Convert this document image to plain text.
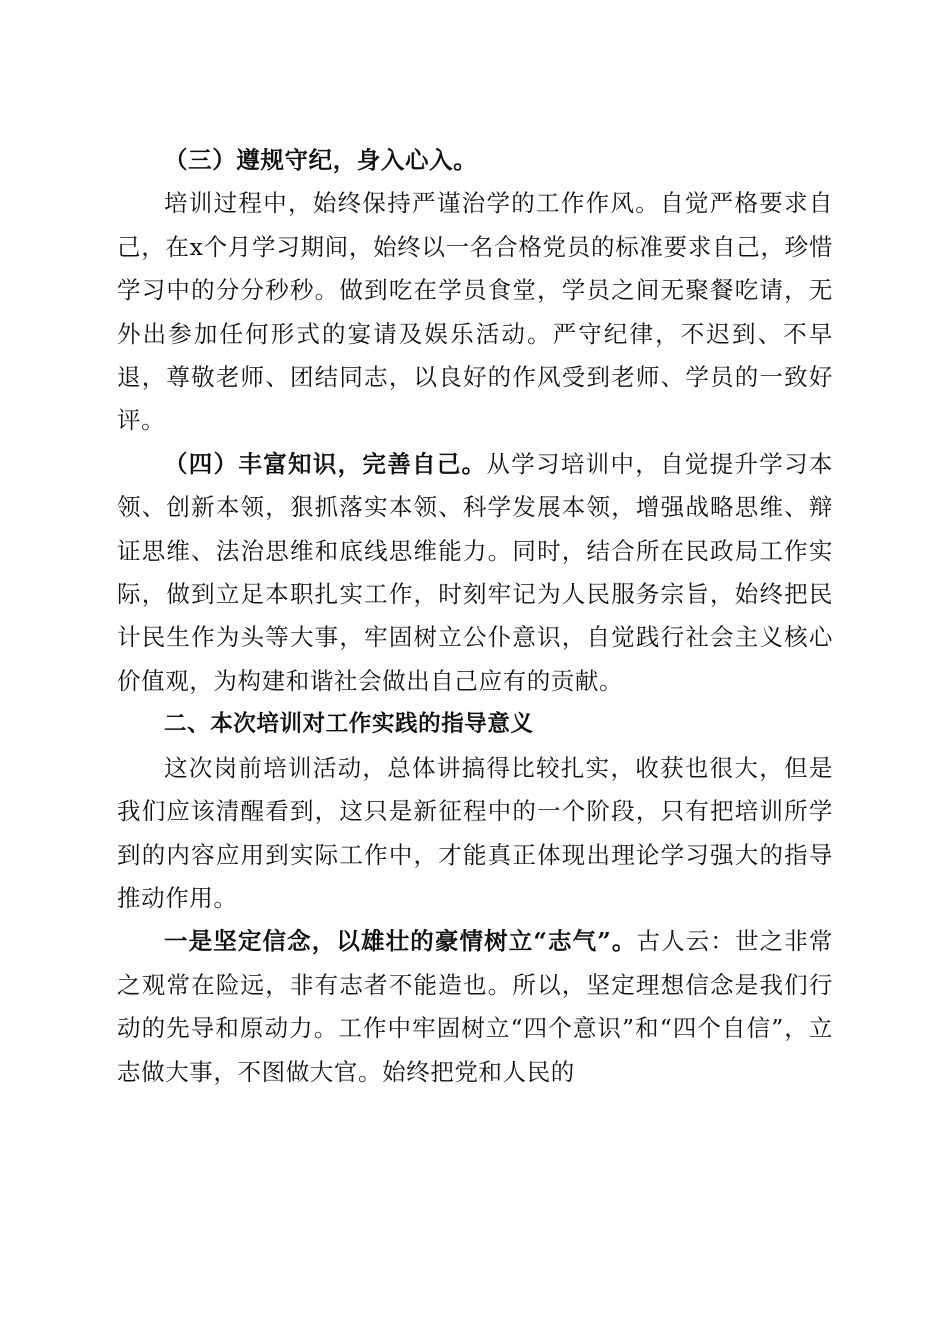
（三）遵规守纪，身入心入。

培训过程中，始终保持严谨治学的工作作风。自觉严格要求自己，在x个月学习期间，始终以一名合格党员的标准要求自己，珍惜学习中的分分秒秒。做到吃在学员食堂，学员之间无聚餐吃请，无外出参加任何形式的宴请及娱乐活动。严守纪律，不迟到、不早退，尊敬老师、团结同志，以良好的作风受到老师、学员的一致好评。

（四）丰富知识，完善自己。从学习培训中，自觉提升学习本领、创新本领，狠抓落实本领、科学发展本领，增强战略思维、辩证思维、法治思维和底线思维能力。同时，结合所在民政局工作实际，做到立足本职扎实工作，时刻牢记为人民服务宗旨，始终把民计民生作为头等大事，牢固树立公仆意识，自觉践行社会主义核心价值观，为构建和谐社会做出自己应有的贡献。

二、本次培训对工作实践的指导意义

这次岗前培训活动，总体讲搞得比较扎实，收获也很大，但是我们应该清醒看到，这只是新征程中的一个阶段，只有把培训所学到的内容应用到实际工作中，才能真正体现出理论学习强大的指导推动作用。

一是坚定信念，以雄壮的豪情树立“志气”。古人云：世之非常之观常在险远，非有志者不能造也。所以，坚定理想信念是我们行动的先导和原动力。工作中牢固树立“四个意识”和“四个自信”，立志做大事，不图做大官。始终把党和人民的
